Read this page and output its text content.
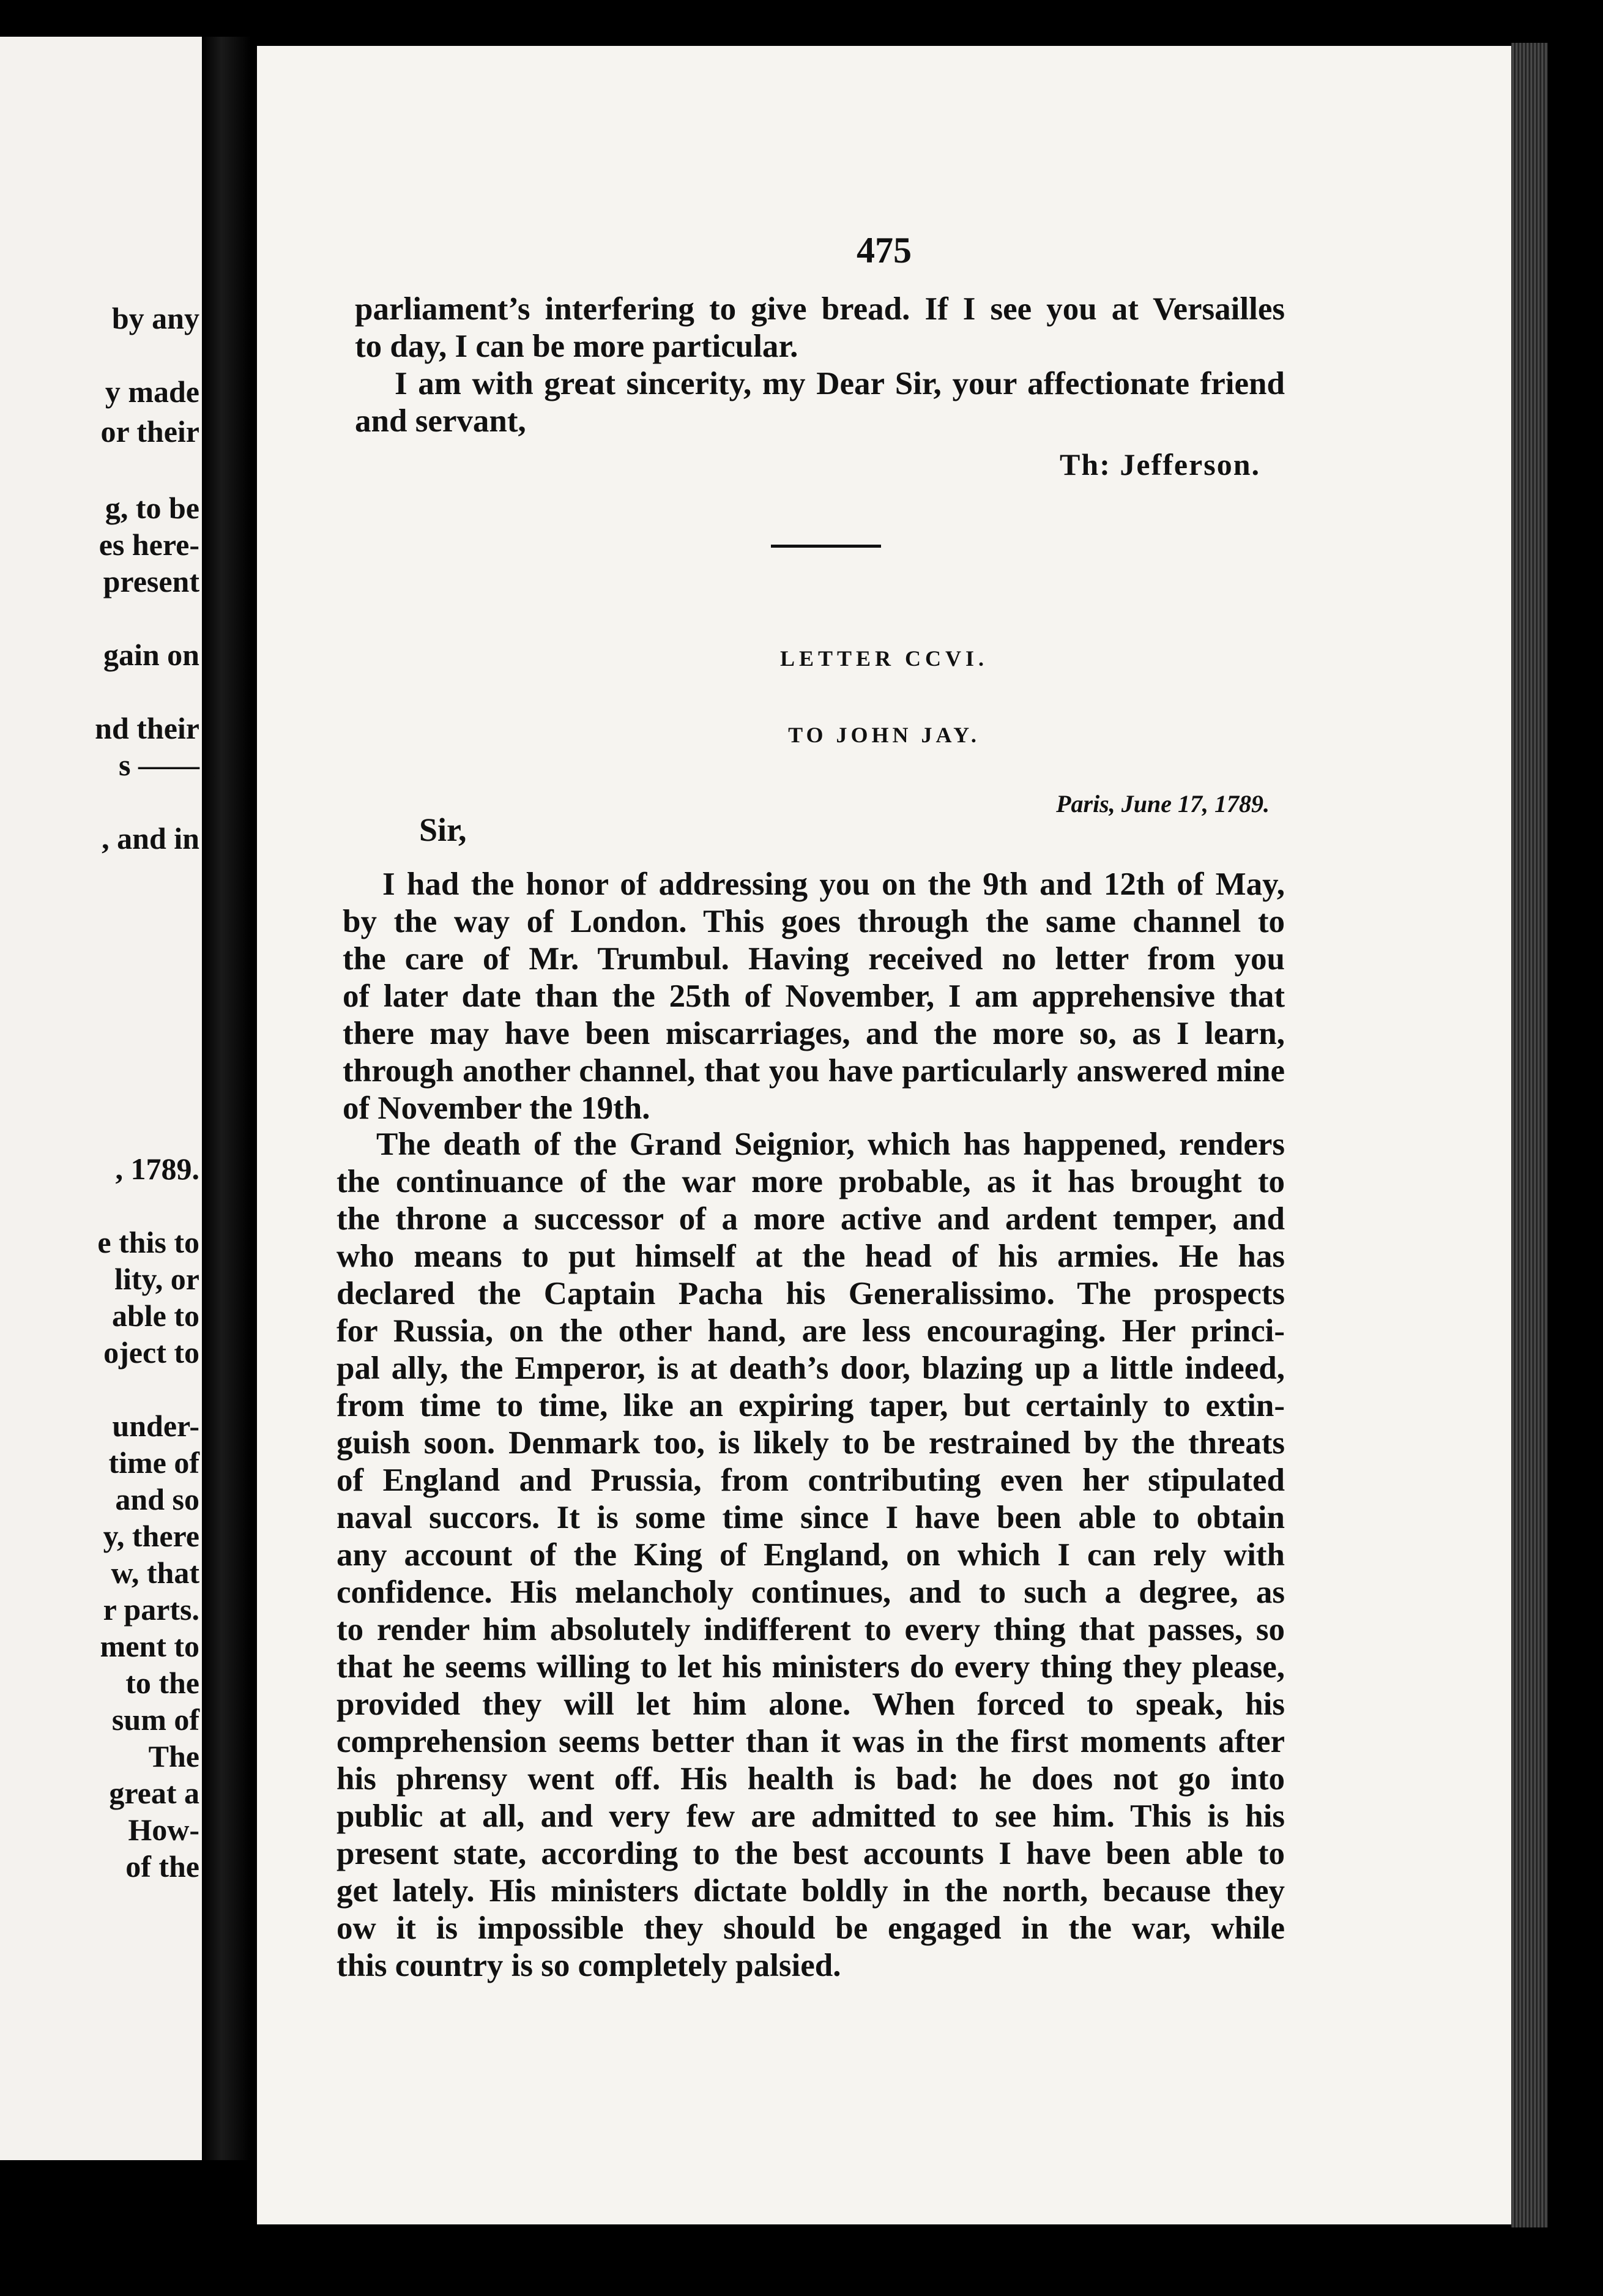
by any
y made
or their
g, to be
es here-
present
gain on
nd their
s ——
, and in
, 1789.
e this to
lity, or
able to
oject to
under-
time of
and so
y, there
w, that
r parts.
ment to
to the
sum of
The
great a
How-
of the
475
parliament’s interfering to give bread. If I see you at Versailles
to day, I can be more particular.
I am with great sincerity, my Dear Sir, your affectionate friend
and servant,
Th: Jefferson.
LETTER CCVI.
TO JOHN JAY.
Paris, June 17, 1789.
Sir,
I had the honor of addressing you on the 9th and 12th of May,
by the way of London. This goes through the same channel to
the care of Mr. Trumbul. Having received no letter from you
of later date than the 25th of November, I am apprehensive that
there may have been miscarriages, and the more so, as I learn,
through another channel, that you have particularly answered mine
of November the 19th.
The death of the Grand Seignior, which has happened, renders
the continuance of the war more probable, as it has brought to
the throne a successor of a more active and ardent temper, and
who means to put himself at the head of his armies. He has
declared the Captain Pacha his Generalissimo. The prospects
for Russia, on the other hand, are less encouraging. Her princi-
pal ally, the Emperor, is at death’s door, blazing up a little indeed,
from time to time, like an expiring taper, but certainly to extin-
guish soon. Denmark too, is likely to be restrained by the threats
of England and Prussia, from contributing even her stipulated
naval succors. It is some time since I have been able to obtain
any account of the King of England, on which I can rely with
confidence. His melancholy continues, and to such a degree, as
to render him absolutely indifferent to every thing that passes, so
that he seems willing to let his ministers do every thing they please,
provided they will let him alone. When forced to speak, his
comprehension seems better than it was in the first moments after
his phrensy went off. His health is bad: he does not go into
public at all, and very few are admitted to see him. This is his
present state, according to the best accounts I have been able to
get lately. His ministers dictate boldly in the north, because they
ow it is impossible they should be engaged in the war, while
this country is so completely palsied.
